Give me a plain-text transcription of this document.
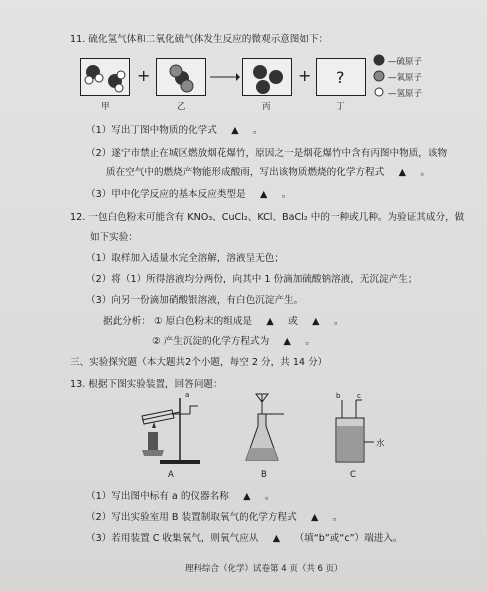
11. 硫化氢气体和二氧化硫气体发生反应的微观示意图如下：
+	+ ?
甲	乙	丙	丁
—硫原子
—氧原子
—氢原子
（1）写出丁图中物质的化学式 ▲ 。
（2）遂宁市禁止在城区燃放烟花爆竹，原因之一是烟花爆竹中含有丙图中物质，该物
质在空气中的燃烧产物能形成酸雨，写出该物质燃烧的化学方程式 ▲ 。
（3）甲中化学反应的基本反应类型是 ▲ 。
12. 一包白色粉末可能含有 KNO₃、CuCl₂、KCl、BaCl₂ 中的一种或几种。为验证其成分，做
如下实验：
（1）取样加入适量水完全溶解，溶液呈无色；
（2）将（1）所得溶液均分两份，向其中 1 份滴加硫酸钠溶液，无沉淀产生；
（3）向另一份滴加硝酸银溶液，有白色沉淀产生。
据此分析： ① 原白色粉末的组成是 ▲ 或 ▲ 。
② 产生沉淀的化学方程式为 ▲ 。
三、实验探究题（本大题共2个小题，每空 2 分，共 14 分）
13. 根据下图实验装置，回答问题：
a	b c
水
A	B	C
（1）写出图中标有 a 的仪器名称 ▲ 。
（2）写出实验室用 B 装置制取氧气的化学方程式 ▲ 。
（3）若用装置 C 收集氧气，则氧气应从 ▲ （填“b”或“c”）端进入。
理科综合（化学）试卷第 4 页（共 6 页）
